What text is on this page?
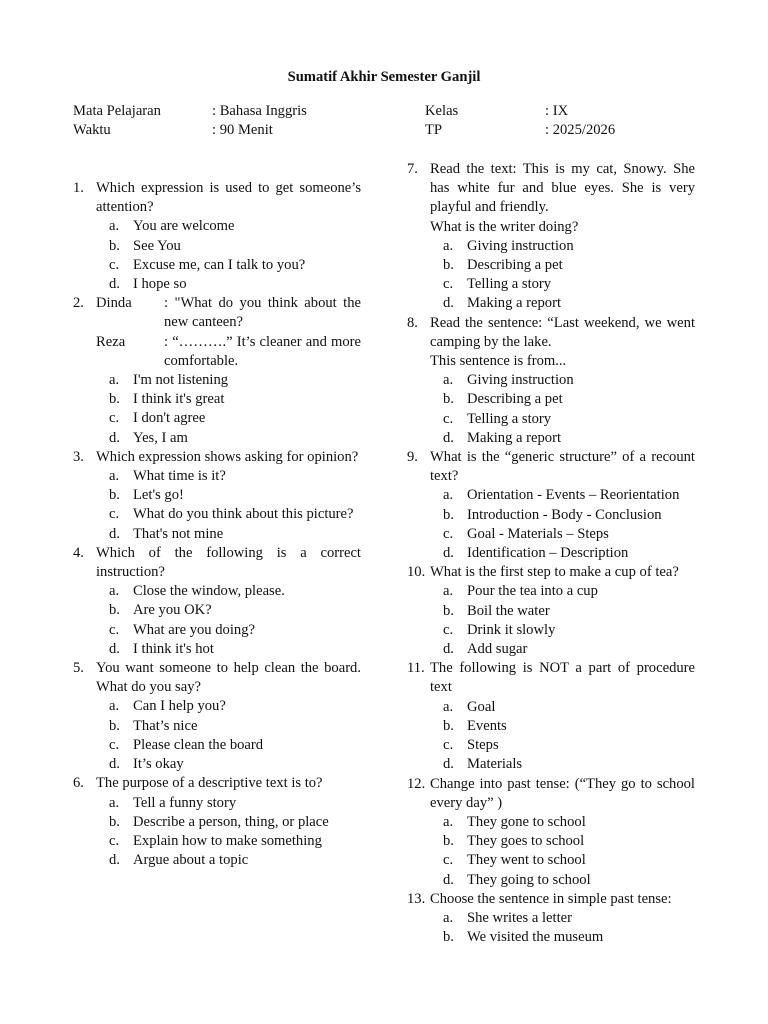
Sumatif Akhir Semester Ganjil
Mata Pelajaran	: Bahasa Inggris
Waktu	: 90 Menit
Kelas	: IX
TP	: 2025/2026
1. Which expression is used to get someone’s attention?
a. You are welcome
b. See You
c. Excuse me, can I talk to you?
d. I hope so
2. Dinda	: "What do you think about the new canteen?
Reza	: “……….” It’s cleaner and more comfortable.
a. I'm not listening
b. I think it's great
c. I don't agree
d. Yes, I am
3. Which expression shows asking for opinion?
a. What time is it?
b. Let's go!
c. What do you think about this picture?
d. That's not mine
4. Which of the following is a correct instruction?
a. Close the window, please.
b. Are you OK?
c. What are you doing?
d. I think it's hot
5. You want someone to help clean the board. What do you say?
a. Can I help you?
b. That’s nice
c. Please clean the board
d. It’s okay
6. The purpose of a descriptive text is to?
a. Tell a funny story
b. Describe a person, thing, or place
c. Explain how to make something
d. Argue about a topic
7. Read the text: This is my cat, Snowy. She has white fur and blue eyes. She is very playful and friendly.
What is the writer doing?
a. Giving instruction
b. Describing a pet
c. Telling a story
d. Making a report
8. Read the sentence: “Last weekend, we went camping by the lake.
This sentence is from...
a. Giving instruction
b. Describing a pet
c. Telling a story
d. Making a report
9. What is the “generic structure” of a recount text?
a. Orientation - Events – Reorientation
b. Introduction - Body - Conclusion
c. Goal - Materials – Steps
d. Identification – Description
10. What is the first step to make a cup of tea?
a. Pour the tea into a cup
b. Boil the water
c. Drink it slowly
d. Add sugar
11. The following is NOT a part of procedure text
a. Goal
b. Events
c. Steps
d. Materials
12. Change into past tense: (“They go to school every day” )
a. They gone to school
b. They goes to school
c. They went to school
d. They going to school
13. Choose the sentence in simple past tense:
a. She writes a letter
b. We visited the museum
